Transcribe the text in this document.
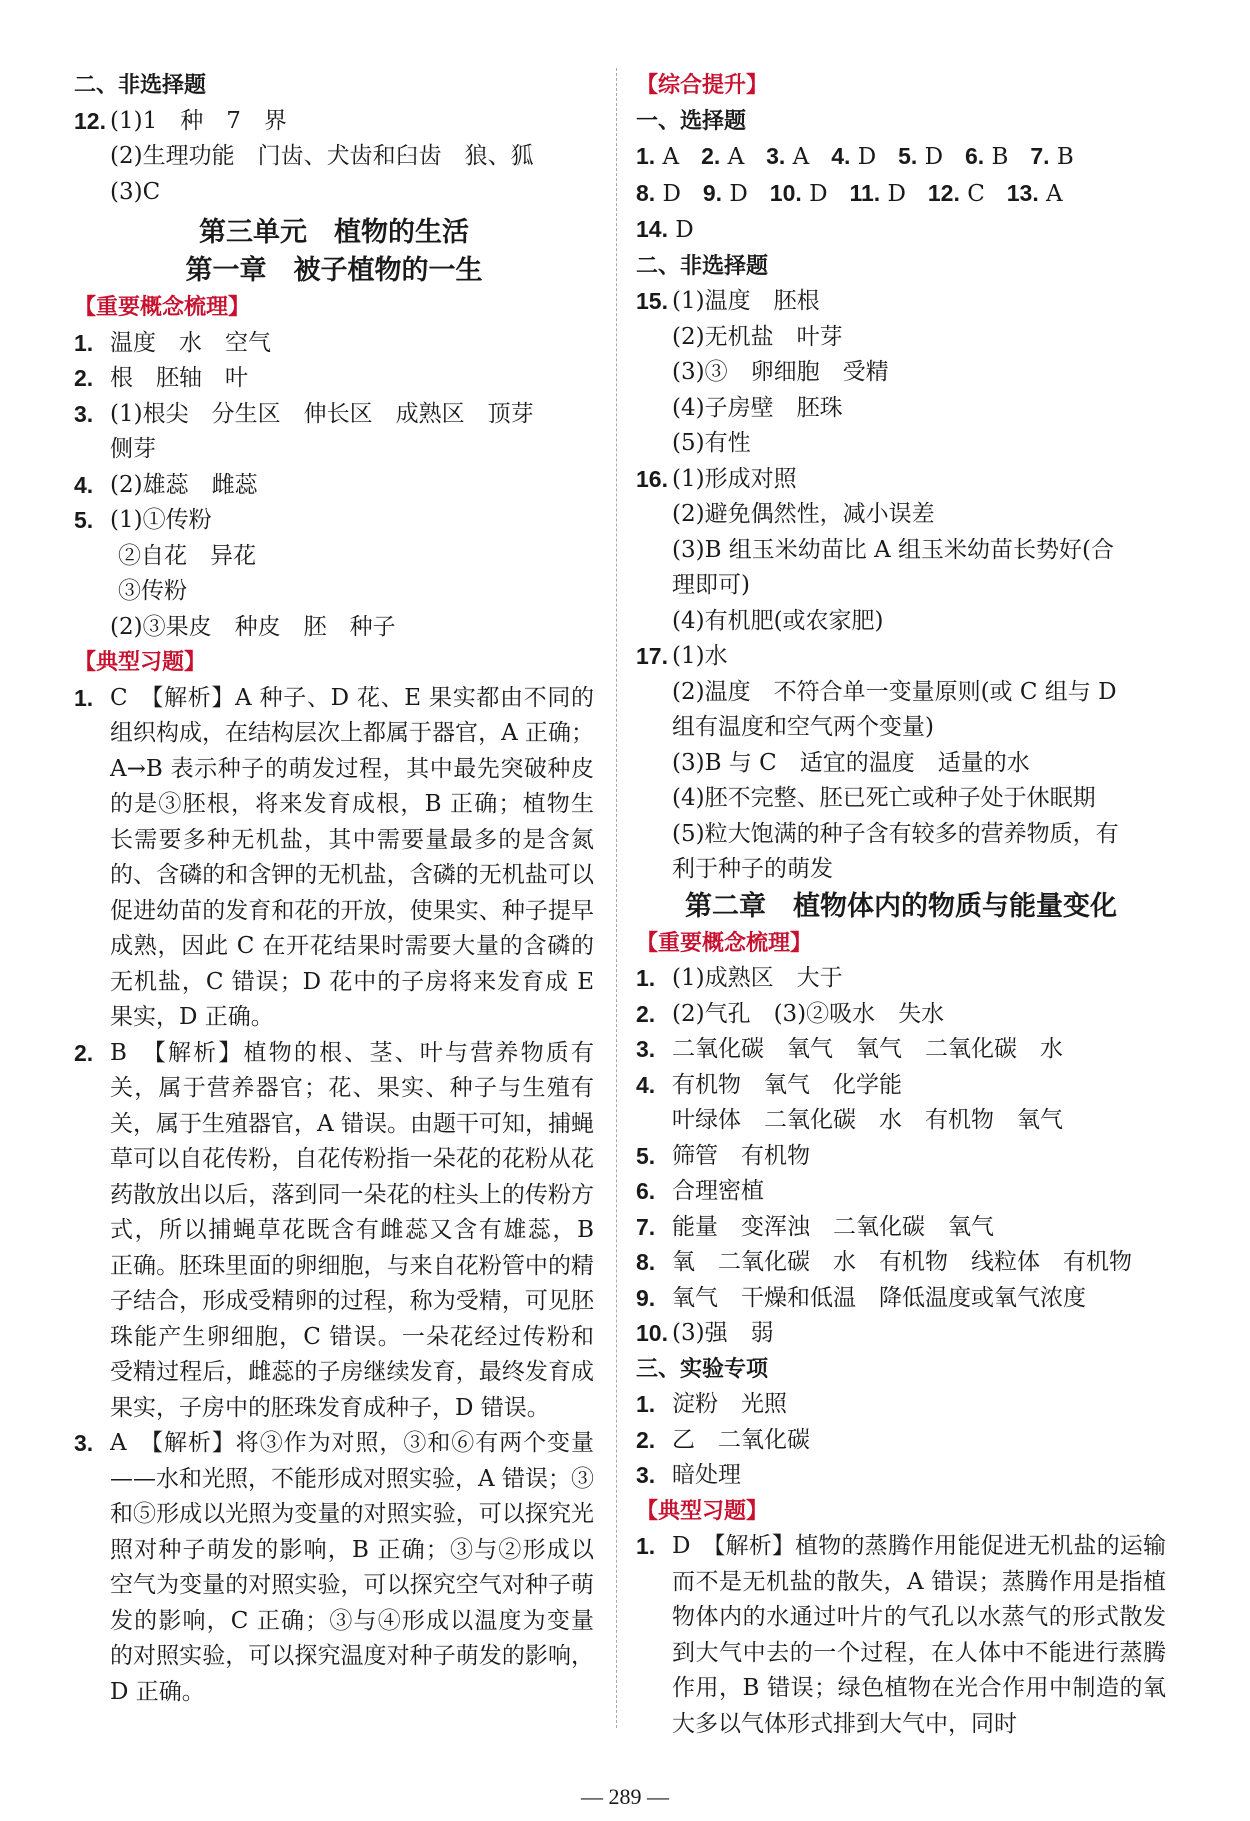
二、非选择题
12. (1)1　种　7　界
(2)生理功能　门齿、犬齿和臼齿　狼、狐
(3)C
第三单元　植物的生活
第一章　被子植物的一生
【重要概念梳理】
1. 温度　水　空气
2. 根　胚轴　叶
3. (1)根尖　分生区　伸长区　成熟区　顶芽
侧芽
4. (2)雄蕊　雌蕊
5. (1)①传粉
②自花　异花
③传粉
(2)③果皮　种皮　胚　种子
【典型习题】
1. C　【解析】A 种子、D 花、E 果实都由不同的组织构成，在结构层次上都属于器官，A 正确；A→B 表示种子的萌发过程，其中最先突破种皮的是③胚根，将来发育成根，B 正确；植物生长需要多种无机盐，其中需要量最多的是含氮的、含磷的和含钾的无机盐，含磷的无机盐可以促进幼苗的发育和花的开放，使果实、种子提早成熟，因此 C 在开花结果时需要大量的含磷的无机盐，C 错误；D 花中的子房将来发育成 E 果实，D 正确。
2. B　【解析】植物的根、茎、叶与营养物质有关，属于营养器官；花、果实、种子与生殖有关，属于生殖器官，A 错误。由题干可知，捕蝇草可以自花传粉，自花传粉指一朵花的花粉从花药散放出以后，落到同一朵花的柱头上的传粉方式，所以捕蝇草花既含有雌蕊又含有雄蕊，B 正确。胚珠里面的卵细胞，与来自花粉管中的精子结合，形成受精卵的过程，称为受精，可见胚珠能产生卵细胞，C 错误。一朵花经过传粉和受精过程后，雌蕊的子房继续发育，最终发育成果实，子房中的胚珠发育成种子，D 错误。
3. A　【解析】将③作为对照，③和⑥有两个变量——水和光照，不能形成对照实验，A 错误；③和⑤形成以光照为变量的对照实验，可以探究光照对种子萌发的影响，B 正确；③与②形成以空气为变量的对照实验，可以探究空气对种子萌发的影响，C 正确；③与④形成以温度为变量的对照实验，可以探究温度对种子萌发的影响，D 正确。
【综合提升】
一、选择题
1. A 2. A 3. A 4. D 5. D 6. B 7. B
8. D 9. D 10. D 11. D 12. C 13. A
14. D
二、非选择题
15. (1)温度　胚根
(2)无机盐　叶芽
(3)③　卵细胞　受精
(4)子房壁　胚珠
(5)有性
16. (1)形成对照
(2)避免偶然性，减小误差
(3)B 组玉米幼苗比 A 组玉米幼苗长势好(合
理即可)
(4)有机肥(或农家肥)
17. (1)水
(2)温度　不符合单一变量原则(或 C 组与 D
组有温度和空气两个变量)
(3)B 与 C　适宜的温度　适量的水
(4)胚不完整、胚已死亡或种子处于休眠期
(5)粒大饱满的种子含有较多的营养物质，有
利于种子的萌发
第二章　植物体内的物质与能量变化
【重要概念梳理】
1. (1)成熟区　大于
2. (2)气孔　(3)②吸水　失水
3. 二氧化碳　氧气　氧气　二氧化碳　水
4. 有机物　氧气　化学能
叶绿体　二氧化碳　水　有机物　氧气
5. 筛管　有机物
6. 合理密植
7. 能量　变浑浊　二氧化碳　氧气
8. 氧　二氧化碳　水　有机物　线粒体　有机物
9. 氧气　干燥和低温　降低温度或氧气浓度
10. (3)强　弱
三、实验专项
1. 淀粉　光照
2. 乙　二氧化碳
3. 暗处理
【典型习题】
1. D　【解析】植物的蒸腾作用能促进无机盐的运输而不是无机盐的散失，A 错误；蒸腾作用是指植物体内的水通过叶片的气孔以水蒸气的形式散发到大气中去的一个过程，在人体中不能进行蒸腾作用，B 错误；绿色植物在光合作用中制造的氧大多以气体形式排到大气中，同时
— 289 —
